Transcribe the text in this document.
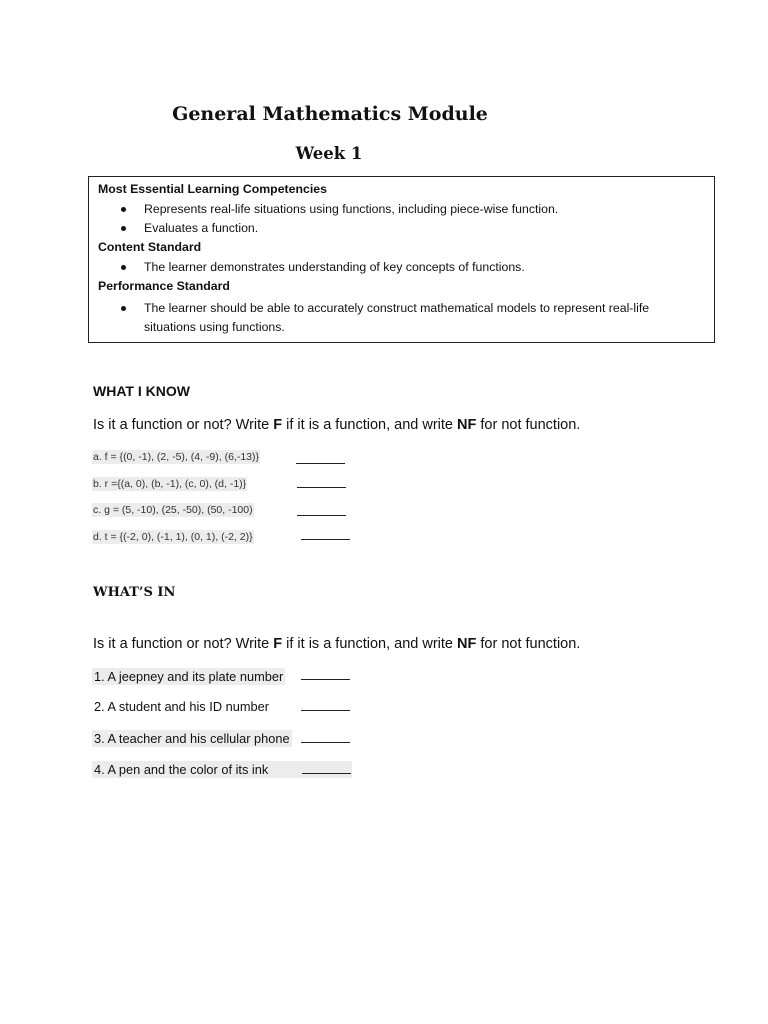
General Mathematics Module
Week 1
Most Essential Learning Competencies
Represents real-life situations using functions, including piece-wise function.
Evaluates a function.
Content Standard
The learner demonstrates understanding of key concepts of functions.
Performance Standard
The learner should be able to accurately construct mathematical models to represent real-life
situations using functions.
WHAT I KNOW
Is it a function or not? Write F if it is a function, and write NF for not function.
a. f = {(0, -1), (2, -5), (4, -9), (6,-13)}
b. r ={(a, 0), (b, -1), (c, 0), (d, -1)}
c. g = (5, -10), (25, -50), (50, -100)
d. t = {(-2, 0), (-1, 1), (0, 1), (-2, 2)}
WHAT’S IN
Is it a function or not? Write F if it is a function, and write NF for not function.
1. A jeepney and its plate number
2. A student and his ID number
3. A teacher and his cellular phone
4. A pen and the color of its ink
